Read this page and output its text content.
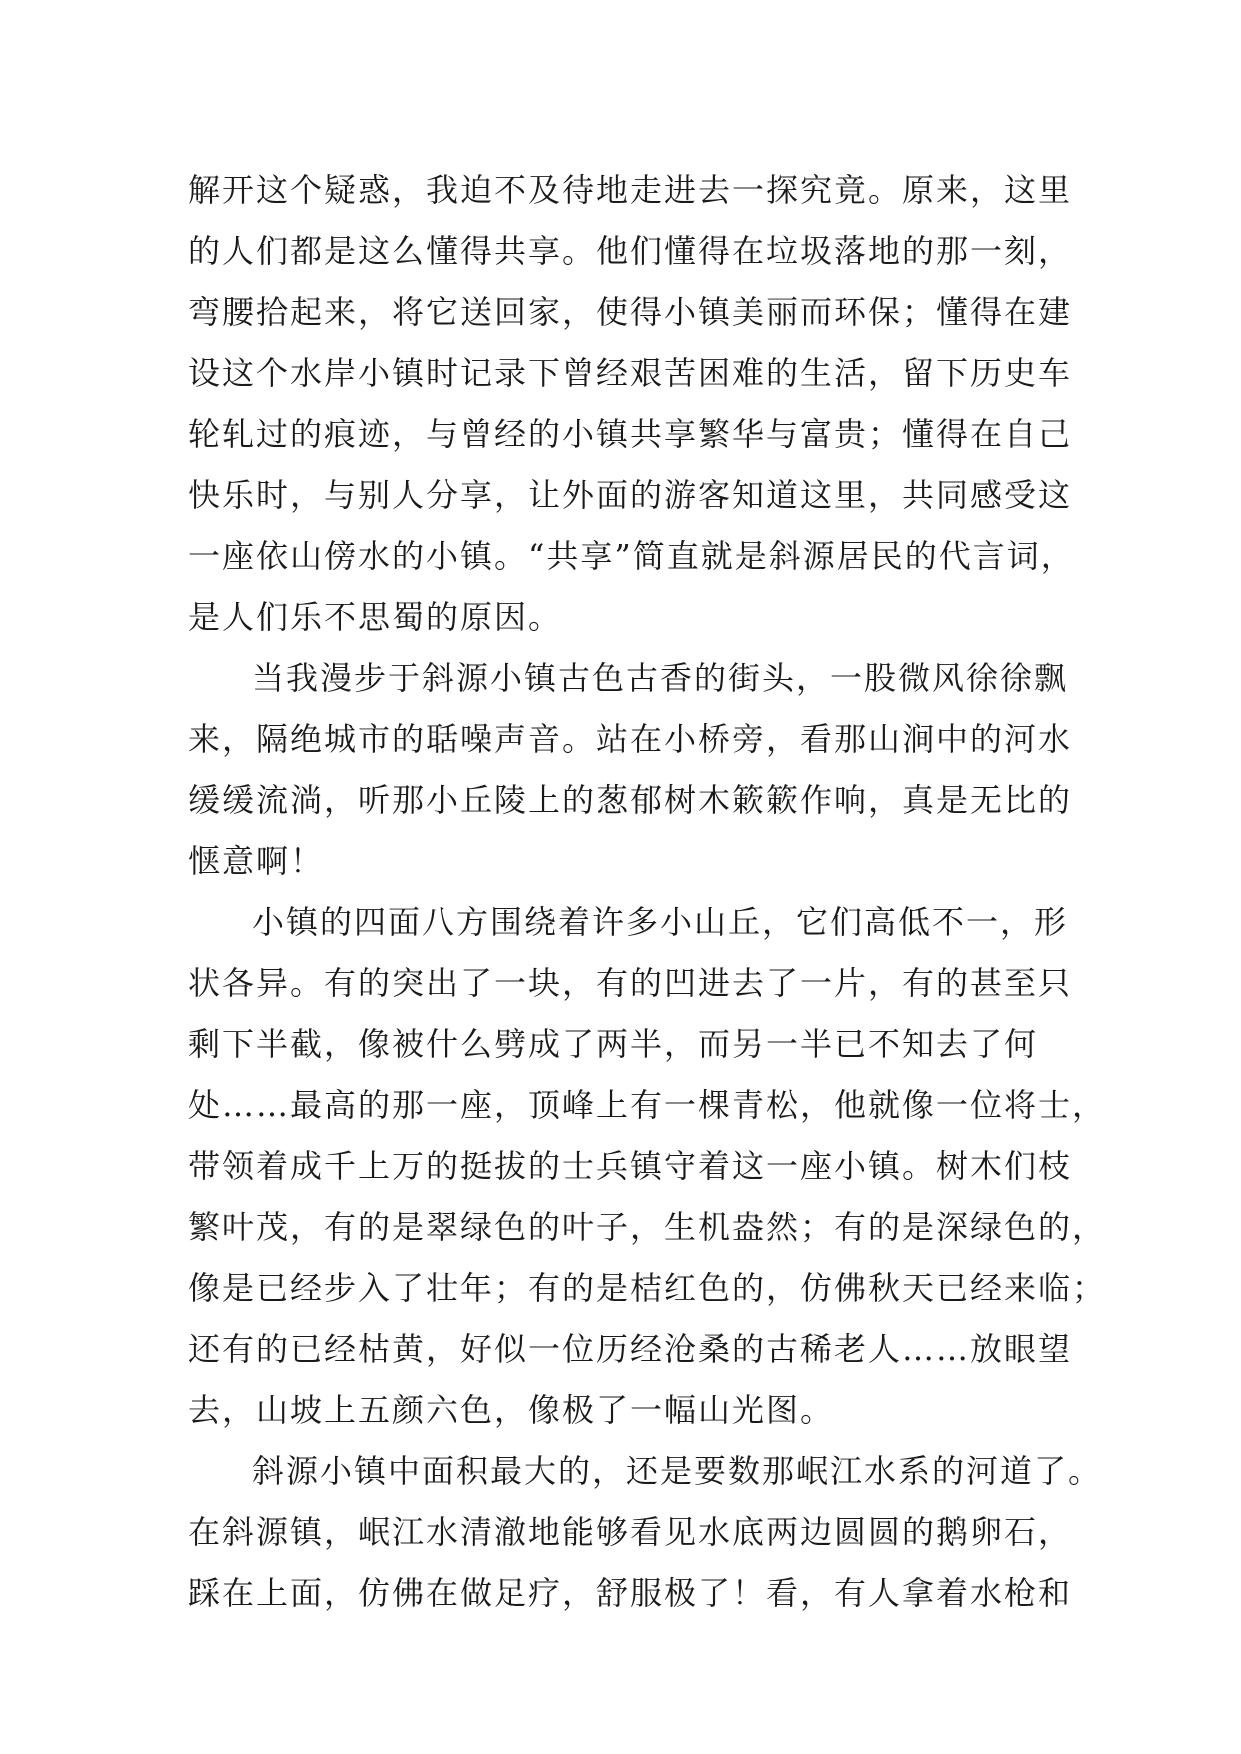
解开这个疑惑，我迫不及待地走进去一探究竟。原来，这里
的人们都是这么懂得共享。他们懂得在垃圾落地的那一刻，
弯腰拾起来，将它送回家，使得小镇美丽而环保；懂得在建
设这个水岸小镇时记录下曾经艰苦困难的生活，留下历史车
轮轧过的痕迹，与曾经的小镇共享繁华与富贵；懂得在自己
快乐时，与别人分享，让外面的游客知道这里，共同感受这
一座依山傍水的小镇。“共享”简直就是斜源居民的代言词，
是人们乐不思蜀的原因。
当我漫步于斜源小镇古色古香的街头，一股微风徐徐飘
来，隔绝城市的聒噪声音。站在小桥旁，看那山涧中的河水
缓缓流淌，听那小丘陵上的葱郁树木簌簌作响，真是无比的
惬意啊！
小镇的四面八方围绕着许多小山丘，它们高低不一，形
状各异。有的突出了一块，有的凹进去了一片，有的甚至只
剩下半截，像被什么劈成了两半，而另一半已不知去了何
处……最高的那一座，顶峰上有一棵青松，他就像一位将士，
带领着成千上万的挺拔的士兵镇守着这一座小镇。树木们枝
繁叶茂，有的是翠绿色的叶子，生机盎然；有的是深绿色的，
像是已经步入了壮年；有的是桔红色的，仿佛秋天已经来临；
还有的已经枯黄，好似一位历经沧桑的古稀老人……放眼望
去，山坡上五颜六色，像极了一幅山光图。
斜源小镇中面积最大的，还是要数那岷江水系的河道了。
在斜源镇，岷江水清澈地能够看见水底两边圆圆的鹅卵石，
踩在上面，仿佛在做足疗，舒服极了！看，有人拿着水枪和
